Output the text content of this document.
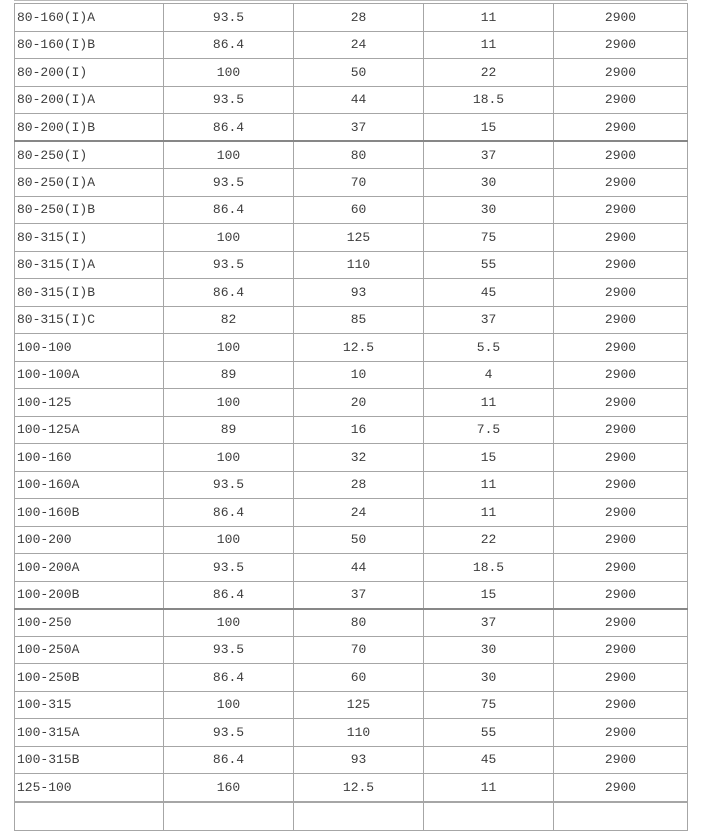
80-160(I)A	93.5	28	11	2900
80-160(I)B	86.4	24	11	2900
80-200(I)	100	50	22	2900
80-200(I)A	93.5	44	18.5	2900
80-200(I)B	86.4	37	15	2900
80-250(I)	100	80	37	2900
80-250(I)A	93.5	70	30	2900
80-250(I)B	86.4	60	30	2900
80-315(I)	100	125	75	2900
80-315(I)A	93.5	110	55	2900
80-315(I)B	86.4	93	45	2900
80-315(I)C	82	85	37	2900
100-100	100	12.5	5.5	2900
100-100A	89	10	4	2900
100-125	100	20	11	2900
100-125A	89	16	7.5	2900
100-160	100	32	15	2900
100-160A	93.5	28	11	2900
100-160B	86.4	24	11	2900
100-200	100	50	22	2900
100-200A	93.5	44	18.5	2900
100-200B	86.4	37	15	2900
100-250	100	80	37	2900
100-250A	93.5	70	30	2900
100-250B	86.4	60	30	2900
100-315	100	125	75	2900
100-315A	93.5	110	55	2900
100-315B	86.4	93	45	2900
125-100	160	12.5	11	2900
